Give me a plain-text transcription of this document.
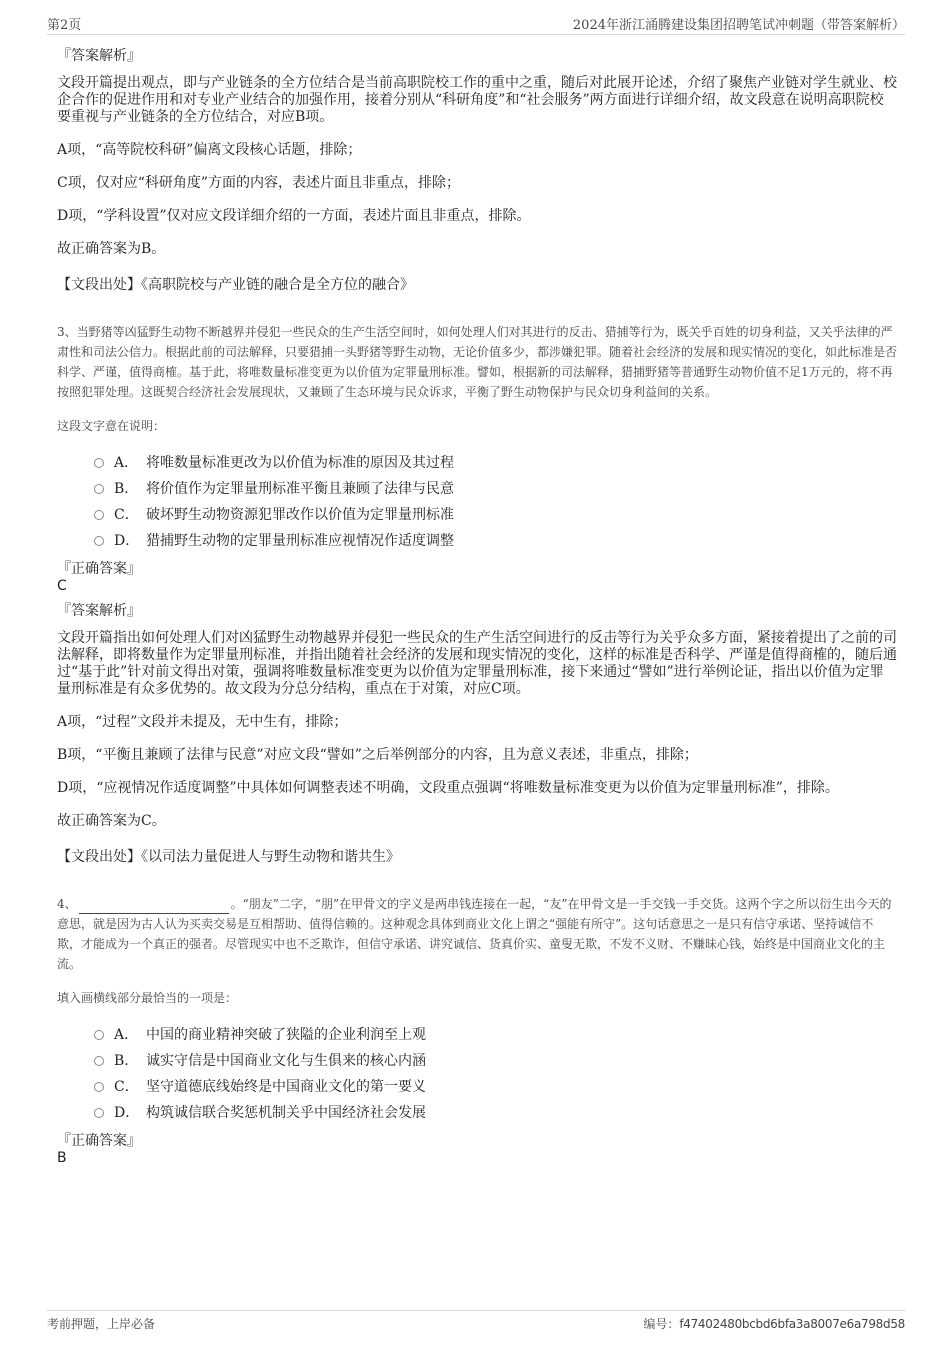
第2页	2024年浙江涌腾建设集团招聘笔试冲刺题（带答案解析）
『答案解析』

文段开篇提出观点，即与产业链条的全方位结合是当前高职院校工作的重中之重，随后对此展开论述，介绍了聚焦产业链对学生就业、校企合作的促进作用和对专业产业结合的加强作用，接着分别从“科研角度”和“社会服务”两方面进行详细介绍，故文段意在说明高职院校要重视与产业链条的全方位结合，对应B项。

A项，“高等院校科研”偏离文段核心话题，排除；

C项，仅对应“科研角度”方面的内容，表述片面且非重点，排除；

D项，“学科设置”仅对应文段详细介绍的一方面，表述片面且非重点，排除。

故正确答案为B。

【文段出处】《高职院校与产业链的融合是全方位的融合》

3、当野猪等凶猛野生动物不断越界并侵犯一些民众的生产生活空间时，如何处理人们对其进行的反击、猎捕等行为，既关乎百姓的切身利益，又关乎法律的严肃性和司法公信力。根据此前的司法解释，只要猎捕一头野猪等野生动物，无论价值多少，都涉嫌犯罪。随着社会经济的发展和现实情况的变化，如此标准是否科学、严谨，值得商榷。基于此，将唯数量标准变更为以价值为定罪量刑标准。譬如，根据新的司法解释，猎捕野猪等普通野生动物价值不足1万元的，将不再按照犯罪处理。这既契合经济社会发展现状，又兼顾了生态环境与民众诉求，平衡了野生动物保护与民众切身利益间的关系。

这段文字意在说明：

A． 将唯数量标准更改为以价值为标准的原因及其过程
B． 将价值作为定罪量刑标准平衡且兼顾了法律与民意
C． 破坏野生动物资源犯罪改作以价值为定罪量刑标准
D． 猎捕野生动物的定罪量刑标准应视情况作适度调整

『正确答案』

C

『答案解析』

文段开篇指出如何处理人们对凶猛野生动物越界并侵犯一些民众的生产生活空间进行的反击等行为关乎众多方面，紧接着提出了之前的司法解释，即将数量作为定罪量刑标准，并指出随着社会经济的发展和现实情况的变化，这样的标准是否科学、严谨是值得商榷的，随后通过“基于此”针对前文得出对策，强调将唯数量标准变更为以价值为定罪量刑标准，接下来通过“譬如”进行举例论证，指出以价值为定罪量刑标准是有众多优势的。故文段为分总分结构，重点在于对策，对应C项。

A项，“过程”文段并未提及，无中生有，排除；

B项，“平衡且兼顾了法律与民意”对应文段“譬如”之后举例部分的内容，且为意义表述，非重点，排除；

D项，“应视情况作适度调整”中具体如何调整表述不明确，文段重点强调“将唯数量标准变更为以价值为定罪量刑标准”，排除。

故正确答案为C。

【文段出处】《以司法力量促进人与野生动物和谐共生》

4、	。“朋友”二字，“朋”在甲骨文的字义是两串钱连接在一起，“友”在甲骨文是一手交钱一手交货。这两个字之所以衍生出今天的意思，就是因为古人认为买卖交易是互相帮助、值得信赖的。这种观念具体到商业文化上谓之“强能有所守”。这句话意思之一是只有信守承诺、坚持诚信不欺，才能成为一个真正的强者。尽管现实中也不乏欺诈，但信守承诺、讲究诚信、货真价实、童叟无欺，不发不义财、不赚昧心钱，始终是中国商业文化的主流。

填入画横线部分最恰当的一项是：

A． 中国的商业精神突破了狭隘的企业利润至上观
B． 诚实守信是中国商业文化与生俱来的核心内涵
C． 坚守道德底线始终是中国商业文化的第一要义
D． 构筑诚信联合奖惩机制关乎中国经济社会发展

『正确答案』

B

考前押题，上岸必备	编号：f47402480bcbd6bfa3a8007e6a798d58
